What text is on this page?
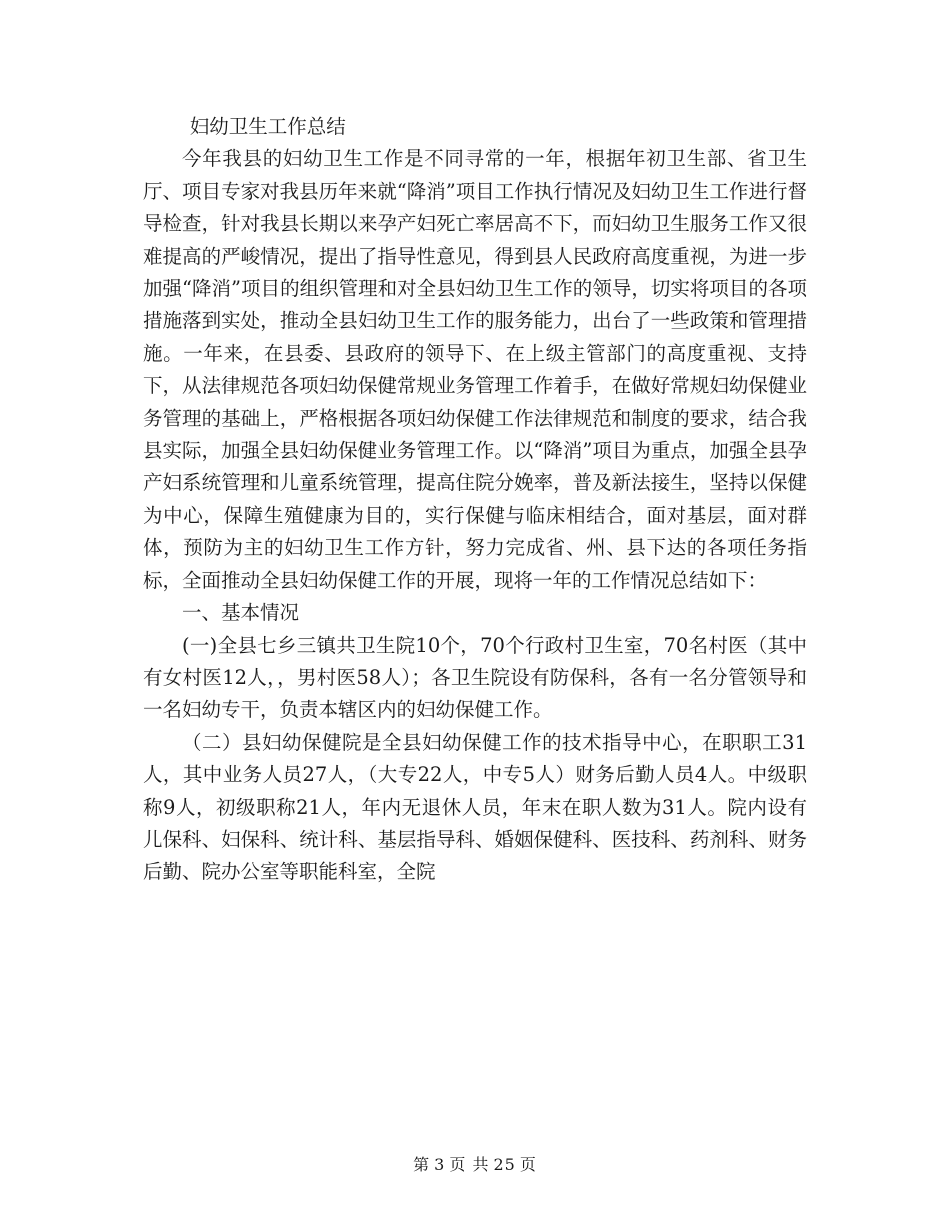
妇幼卫生工作总结

今年我县的妇幼卫生工作是不同寻常的一年，根据年初卫生部、省卫生厅、项目专家对我县历年来就“降消”项目工作执行情况及妇幼卫生工作进行督导检查，针对我县长期以来孕产妇死亡率居高不下，而妇幼卫生服务工作又很难提高的严峻情况，提出了指导性意见，得到县人民政府高度重视，为进一步加强“降消”项目的组织管理和对全县妇幼卫生工作的领导，切实将项目的各项措施落到实处，推动全县妇幼卫生工作的服务能力，出台了一些政策和管理措施。一年来，在县委、县政府的领导下、在上级主管部门的高度重视、支持下，从法律规范各项妇幼保健常规业务管理工作着手，在做好常规妇幼保健业务管理的基础上，严格根据各项妇幼保健工作法律规范和制度的要求，结合我县实际，加强全县妇幼保健业务管理工作。以“降消”项目为重点，加强全县孕产妇系统管理和儿童系统管理，提高住院分娩率，普及新法接生，坚持以保健为中心，保障生殖健康为目的，实行保健与临床相结合，面对基层，面对群体，预防为主的妇幼卫生工作方针，努力完成省、州、县下达的各项任务指标，全面推动全县妇幼保健工作的开展，现将一年的工作情况总结如下：

一、基本情况

(一)全县七乡三镇共卫生院10个，70个行政村卫生室，70名村医（其中有女村医12人，，男村医58人）；各卫生院设有防保科，各有一名分管领导和一名妇幼专干，负责本辖区内的妇幼保健工作。

（二）县妇幼保健院是全县妇幼保健工作的技术指导中心，在职职工31人，其中业务人员27人，（大专22人，中专5人）财务后勤人员4人。中级职称9人，初级职称21人，年内无退休人员，年末在职人数为31人。院内设有儿保科、妇保科、统计科、基层指导科、婚姻保健科、医技科、药剂科、财务后勤、院办公室等职能科室，全院

第 3 页 共 25 页
